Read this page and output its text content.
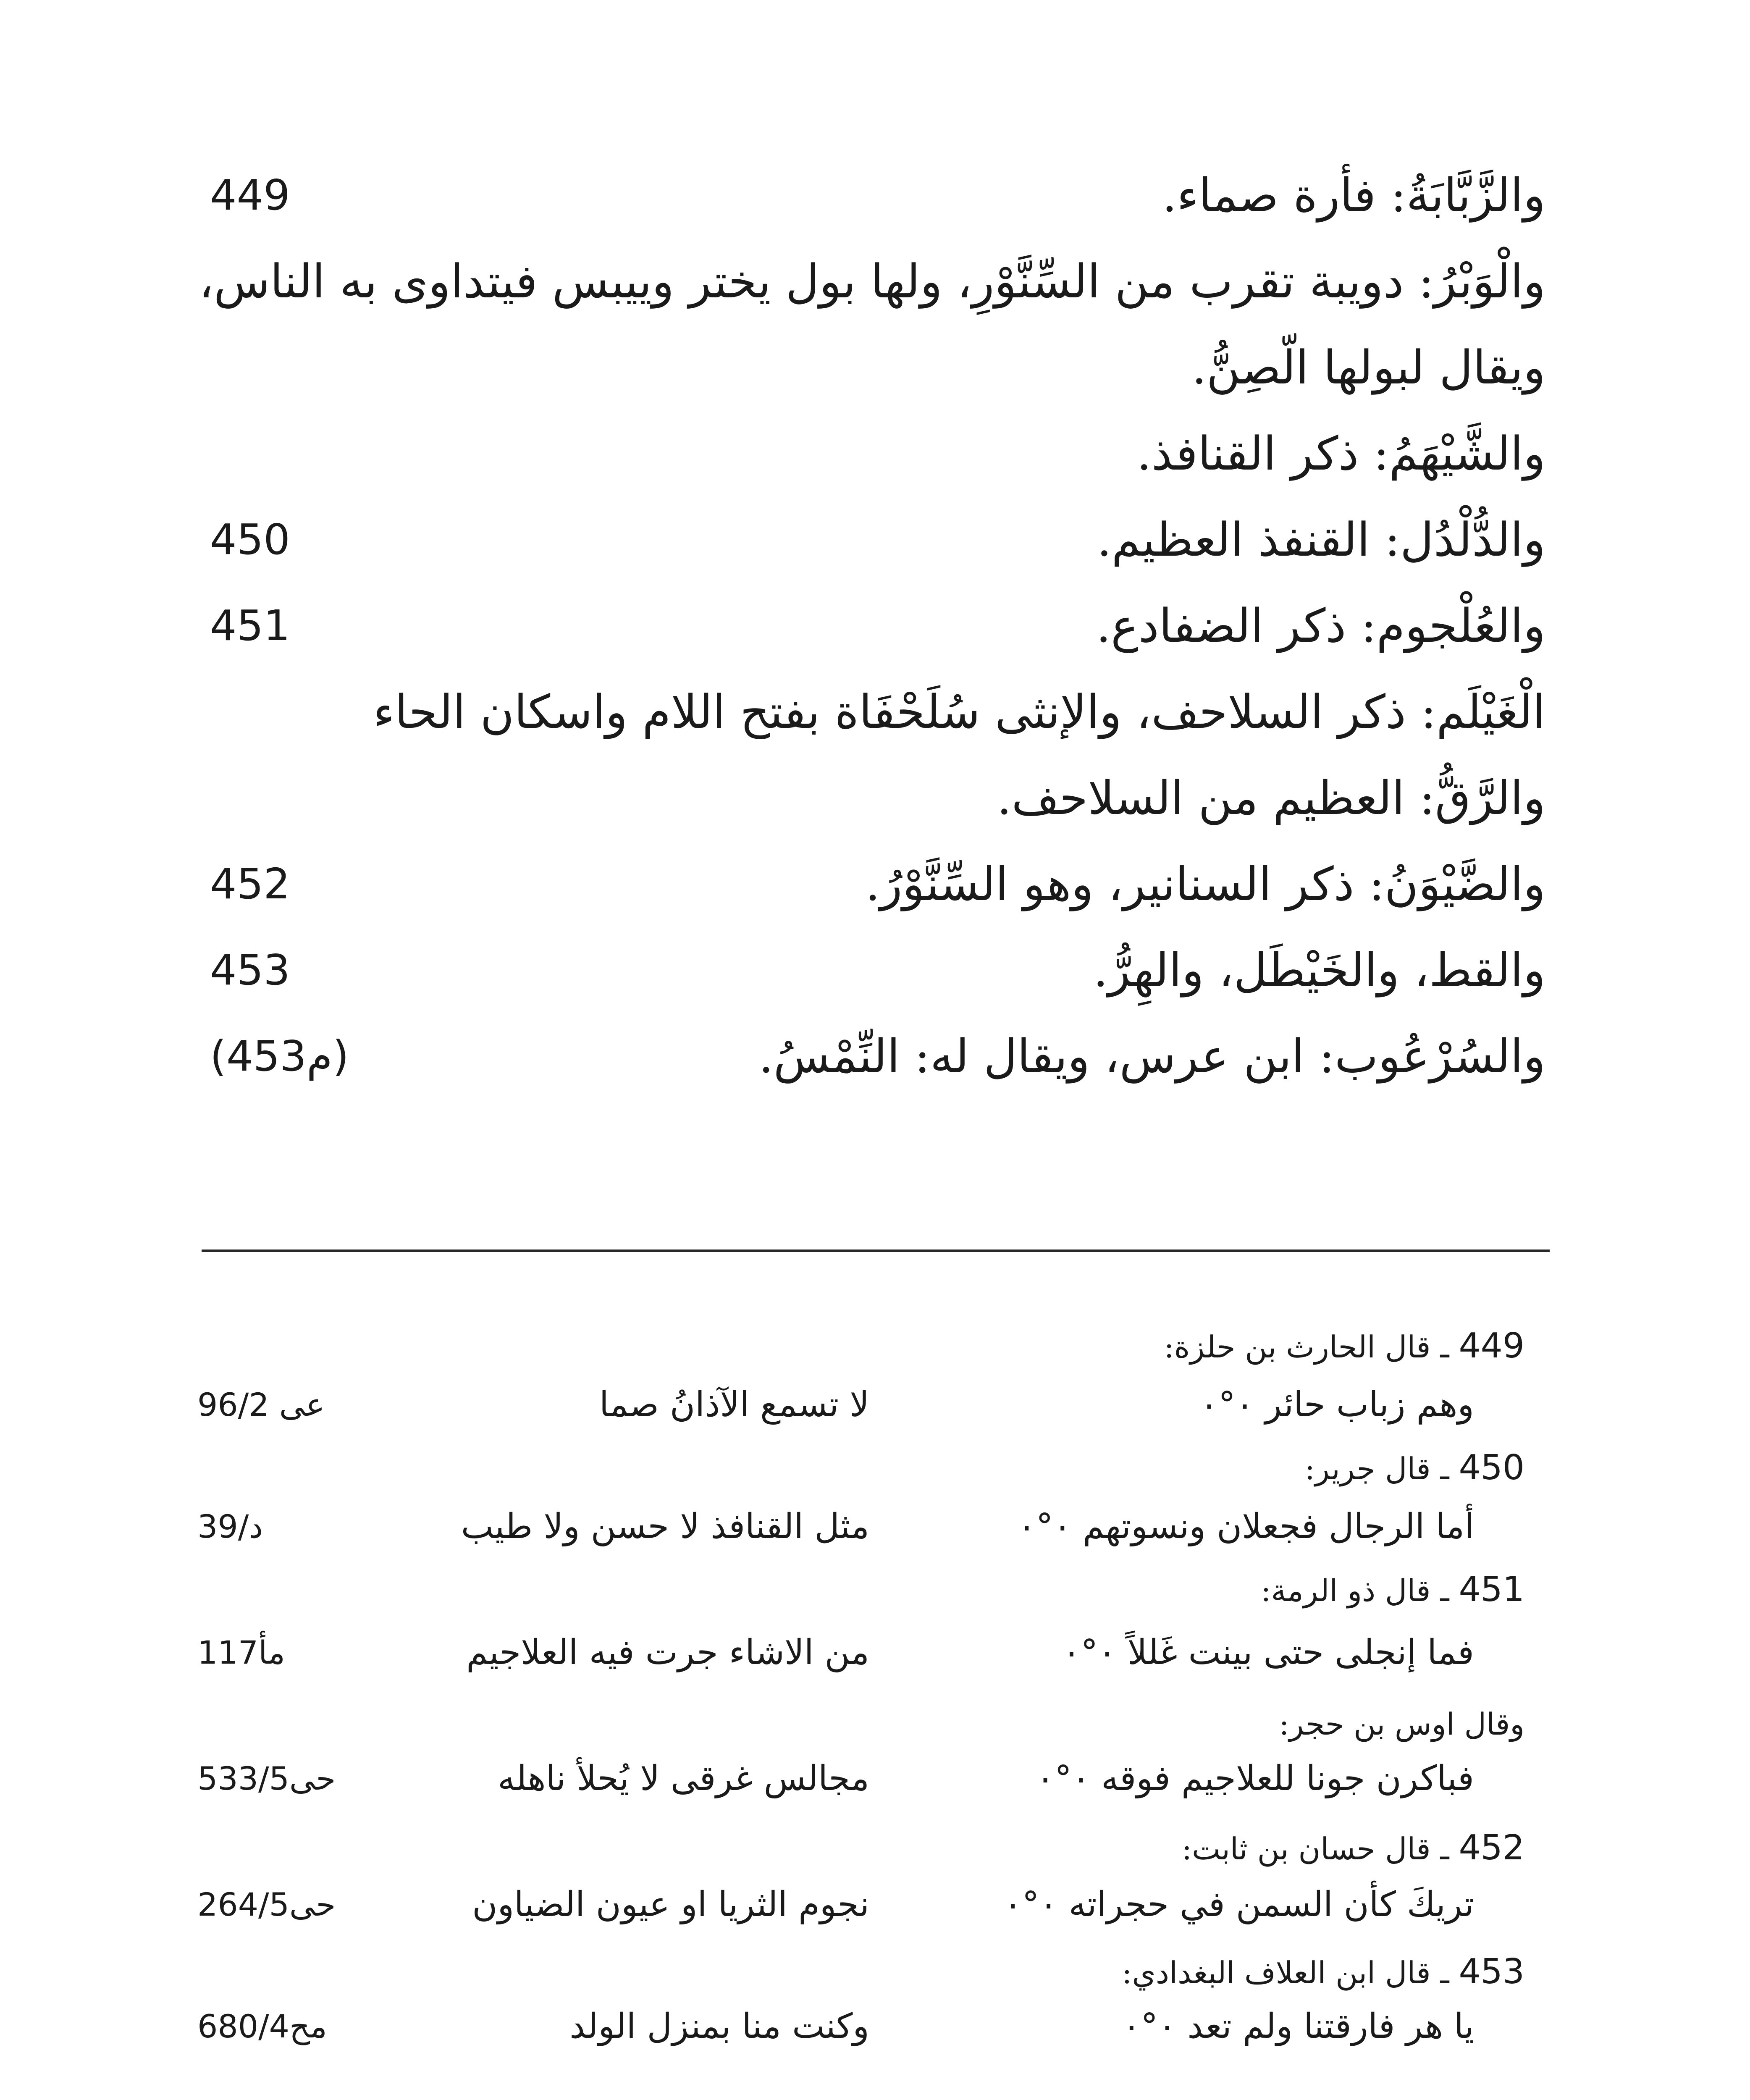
والزَّبَّابَةُ: فأرة صماء.
449
والْوَبْرُ: دويبة تقرب من السِّنَّوْرِ، ولها بول يختر وييبس فيتداوى به الناس،
ويقال لبولها الّصِنُّ.
والشَّيْهَمُ: ذكر القنافذ.
والدُّلْدُل: القنفذ العظيم.
450
والعُلْجوم: ذكر الضفادع.
451
الْغَيْلَم: ذكر السلاحف، والإنثى سُلَحْفَاة بفتح اللام واسكان الحاء
والرَّقُّ: العظيم من السلاحف.
والضَّيْوَنُ: ذكر السنانير، وهو السِّنَّوْرُ.
452
والقط، والخَيْطَل، والهِرُّ.
453
والسُرْعُوب: ابن عرس، ويقال له: النِّمْسُ.
(453م)
449 ـ قال الحارث بن حلزة:
وهم زباب حائر ٠°٠
لا تسمع الآذانُ صما
عى 96/2
450 ـ قال جرير:
أما الرجال فجعلان ونسوتهم ٠°٠
مثل القنافذ لا حسن ولا طيب
د/39
451 ـ قال ذو الرمة:
فما إنجلى حتى بينت غَللاً ٠°٠
من الاشاء جرت فيه العلاجيم
مأ117
وقال اوس بن حجر:
فباكرن جونا للعلاجيم فوقه ٠°٠
مجالس غرقى لا يُحلأ ناهله
حى533/5
452 ـ قال حسان بن ثابت:
تريكَ كأن السمن في حجراته ٠°٠
نجوم الثريا او عيون الضياون
حى264/5
453 ـ قال ابن العلاف البغدادي:
يا هر فارقتنا ولم تعد ٠°٠
وكنت منا بمنزل الولد
مح680/4
